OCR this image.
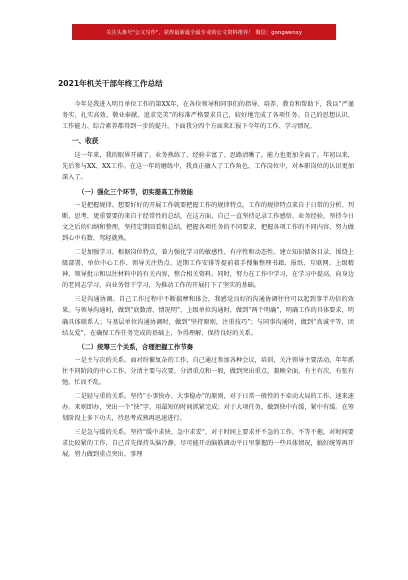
关注头条号"公文写作"，获得最新最全最专业的公文资料推荐！ 微信：gongwenxy
2021年机关干部年终工作总结

今年是我进入明月单位工作的第XX年，在各位领导和同事们的指导、培养、教育和帮助下，我以“严谨务实、扎实高效、敬业奉献、追求完美”的标准严格要求自己，较好地完成了各项任务。自己的思想认识、工作能力、综合素养都得到一步的提升。下面我分四个方面来汇报下今年的工作、学习情况。

一、收获

这一年来，我的眼界开阔了。业务熟练了、经验丰富了、思路清晰了，能力也更加全面了。年初以来，先后参与XX、XX工作。在这一年的磨练中，我真正融入了工作角色、工作岗位中，对本职岗位的认识更加深入了。

（一）强化三个环节，切实提高工作效能

一是把握规律。想要好好的开展工作就要把握工作的规律特点。工作的规律特点来自于日常的分析、判断、思考，更重要要的来自于经常性的总结，在这方面，自己一直坚持记录工作感悟、业务经验，坚持今日文之后的归纳和整理，坚持定期回看和总结，把握各项任务的不同要求，把握各项工作的不同内容，努力做到心中有数、驾轻就熟。

二是加强学习。根据岗位特点，着力强化学习的敏感性、有序性和动态性。建立知识储备目录，围绕上级部署、单位中心工作、领导关注热点、近期工作安排等提前着手搜集整理书籍、报纸、互联网。上级精神、领导批示和以往材料中的有关内容，整合相关资料。同时，努力在工作中学习，在学习中提高，向身边的老同志学习，向业务骨干学习，为推动工作的开展打下了坚实的基础。

三是沟通协调。自己工作过程中不断揣摩和体会，我感觉良好的沟通协调往往可以起到事半功倍的效果。与领导沟通时，做到“底数清、情况明”，上级单位沟通时，做到“两个明确”，明确工作的具体要求，明确具体联系人；与基层单位沟通协调时，做到“坚持原则，注重技巧”；与同事沟通时，做到“真诚平等，团结友爱”，在确保工作任务完成的基础上，争得理解，保持良好的关系。

（二）统筹三个关系，合理把握工作节奏

一是主与次的关系。面对纷繁复杂的工作，自己通过参加各种会议，培训，关注领导主要活动，年年抓住不同阶段的中心工作，分清主要与次要，分清重点和一般，做到突出重点，兼顾全面，有主有次，有张有弛，忙而不乱。

二是轻与重的关系。坚持“小事快办、大事稳办”的原则，对于日常一般性的不牵动大局的工作，速来速办。来则即办，突出一个“快”字，用最短的时间抓紧完成；对于大项任务，做到快中有缓，紧中有缓。在筹划阶段上多下功夫，待思考成熟再迅速进行。

三是急与缓的关系。坚持“缓中求快、急中求妥”，对于时间上要求并不急的工作，不等不拖，对时间要求比较紧的工作，自己首先保持头脑冷静，尽可能开动脑筋调动平日里掌握的一些具体情况，搞好统筹再开展。努力做到重点突出、事理
